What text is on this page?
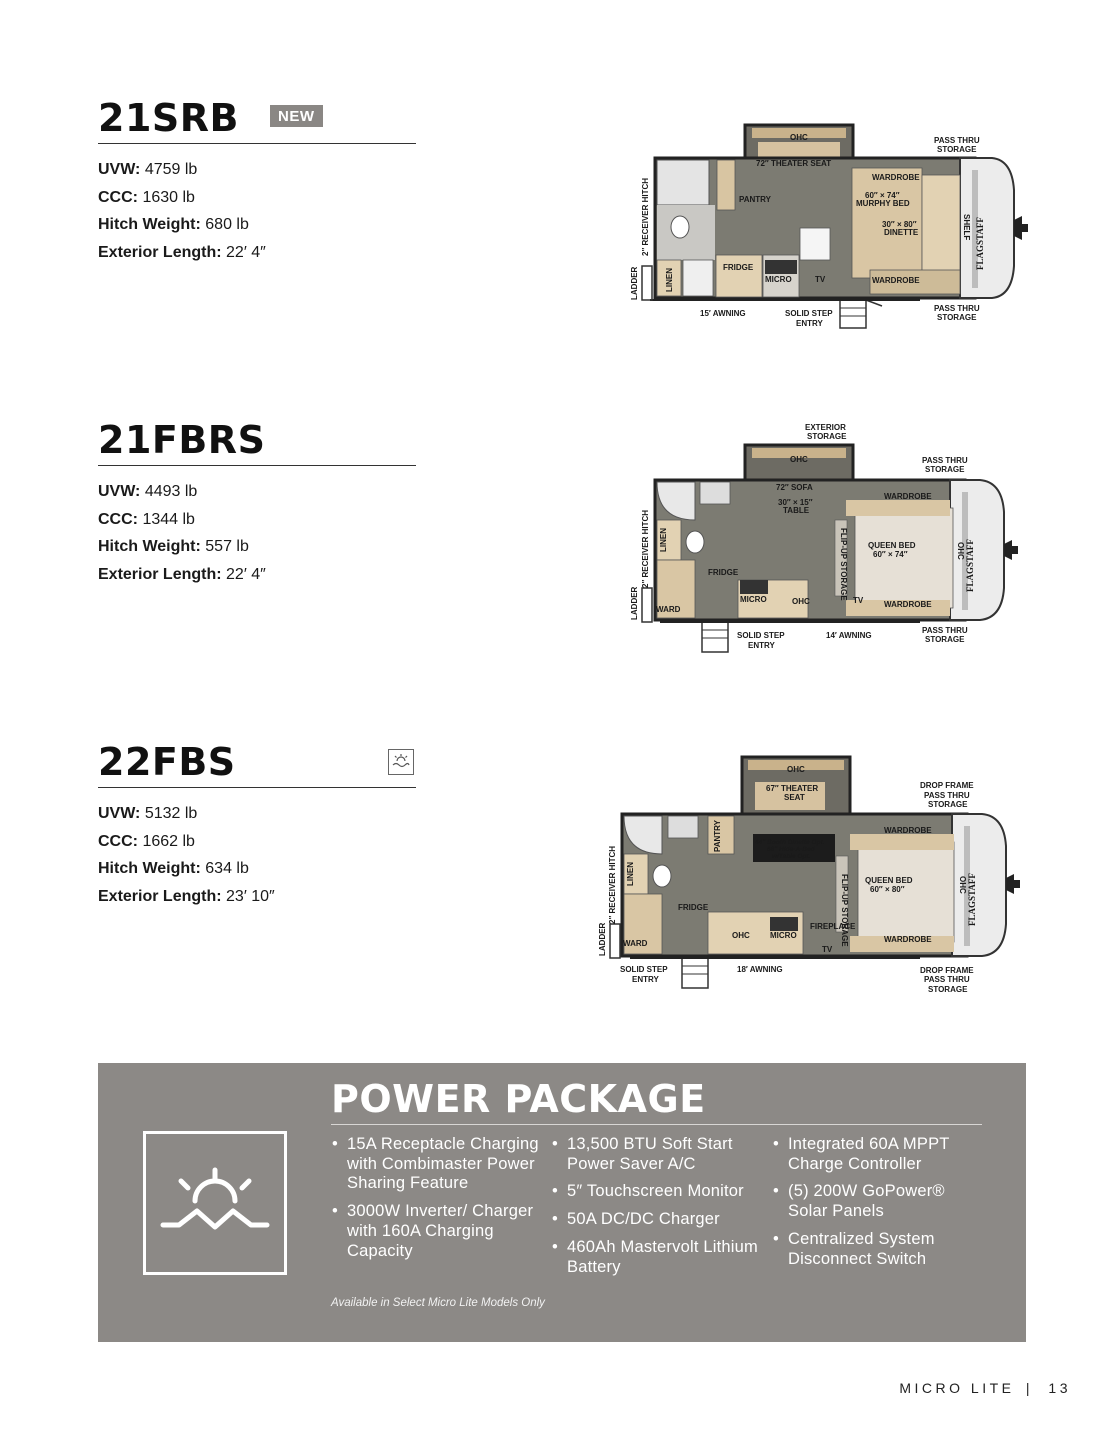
21SRB	NEW

UVW: 4759 lb

CCC: 1630 lb

Hitch Weight: 680 lb

Exterior Length: 22′ 4″

21FBRS

UVW: 4493 lb

CCC: 1344 lb

Hitch Weight: 557 lb

Exterior Length: 22′ 4″

22FBS

UVW: 5132 lb

CCC: 1662 lb

Hitch Weight: 634 lb

Exterior Length: 23′ 10″

OHC
72″ THEATER SEAT
PANTRY
WARDROBE
60″ × 74″
MURPHY BED
30″ × 80″
DINETTE	SHELF
FRIDGE
MICRO	TV	WARDROBE
LINEN
LADDER
2″ RECEIVER HITCH
PASS THRU
STORAGE
PASS THRU
STORAGE
15′ AWNING	SOLID STEP
ENTRY
FLAGSTAFF
EXTERIOR
STORAGE
OHC
72″ SOFA
30″ × 15″
TABLE
FLIP-UP STORAGE
WARDROBE
QUEEN BED
60″ × 74″	OHC
LINEN
FRIDGE
MICRO	OHC	TV	WARDROBE
WARD
LADDER
2″ RECEIVER HITCH
PASS THRU
STORAGE
PASS THRU
STORAGE
SOLID STEP
ENTRY
14′ AWNING
FLAGSTAFF
OHC
67″ THEATER
SEAT
PANTRY	44″ Booth Dinette Opt.
68″ Hide-A-Bed
w/Table Opt.
FLIP-UP STORAGE
WARDROBE
QUEEN BED
60″ × 80″	OHC
LINEN
FRIDGE
OHC	MICRO
FIREPLACE
TV
WARDROBE
WARD
LADDER
2″ RECEIVER HITCH
DROP FRAME
PASS THRU
STORAGE
SOLID STEP
ENTRY
18′ AWNING	DROP FRAME
PASS THRU
STORAGE
FLAGSTAFF
POWER PACKAGE
• 15A Receptacle Charging with Combimaster Power Sharing Feature
• 3000W Inverter/ Charger with 160A Charging Capacity
• 13,500 BTU Soft Start Power Saver A/C
• 5″ Touchscreen Monitor
• 50A DC/DC Charger
• 460Ah Mastervolt Lithium Battery
• Integrated 60A MPPT Charge Controller
• (5) 200W GoPower® Solar Panels
• Centralized System Disconnect Switch

Available in Select Micro Lite Models Only

MICRO LITE | 13
